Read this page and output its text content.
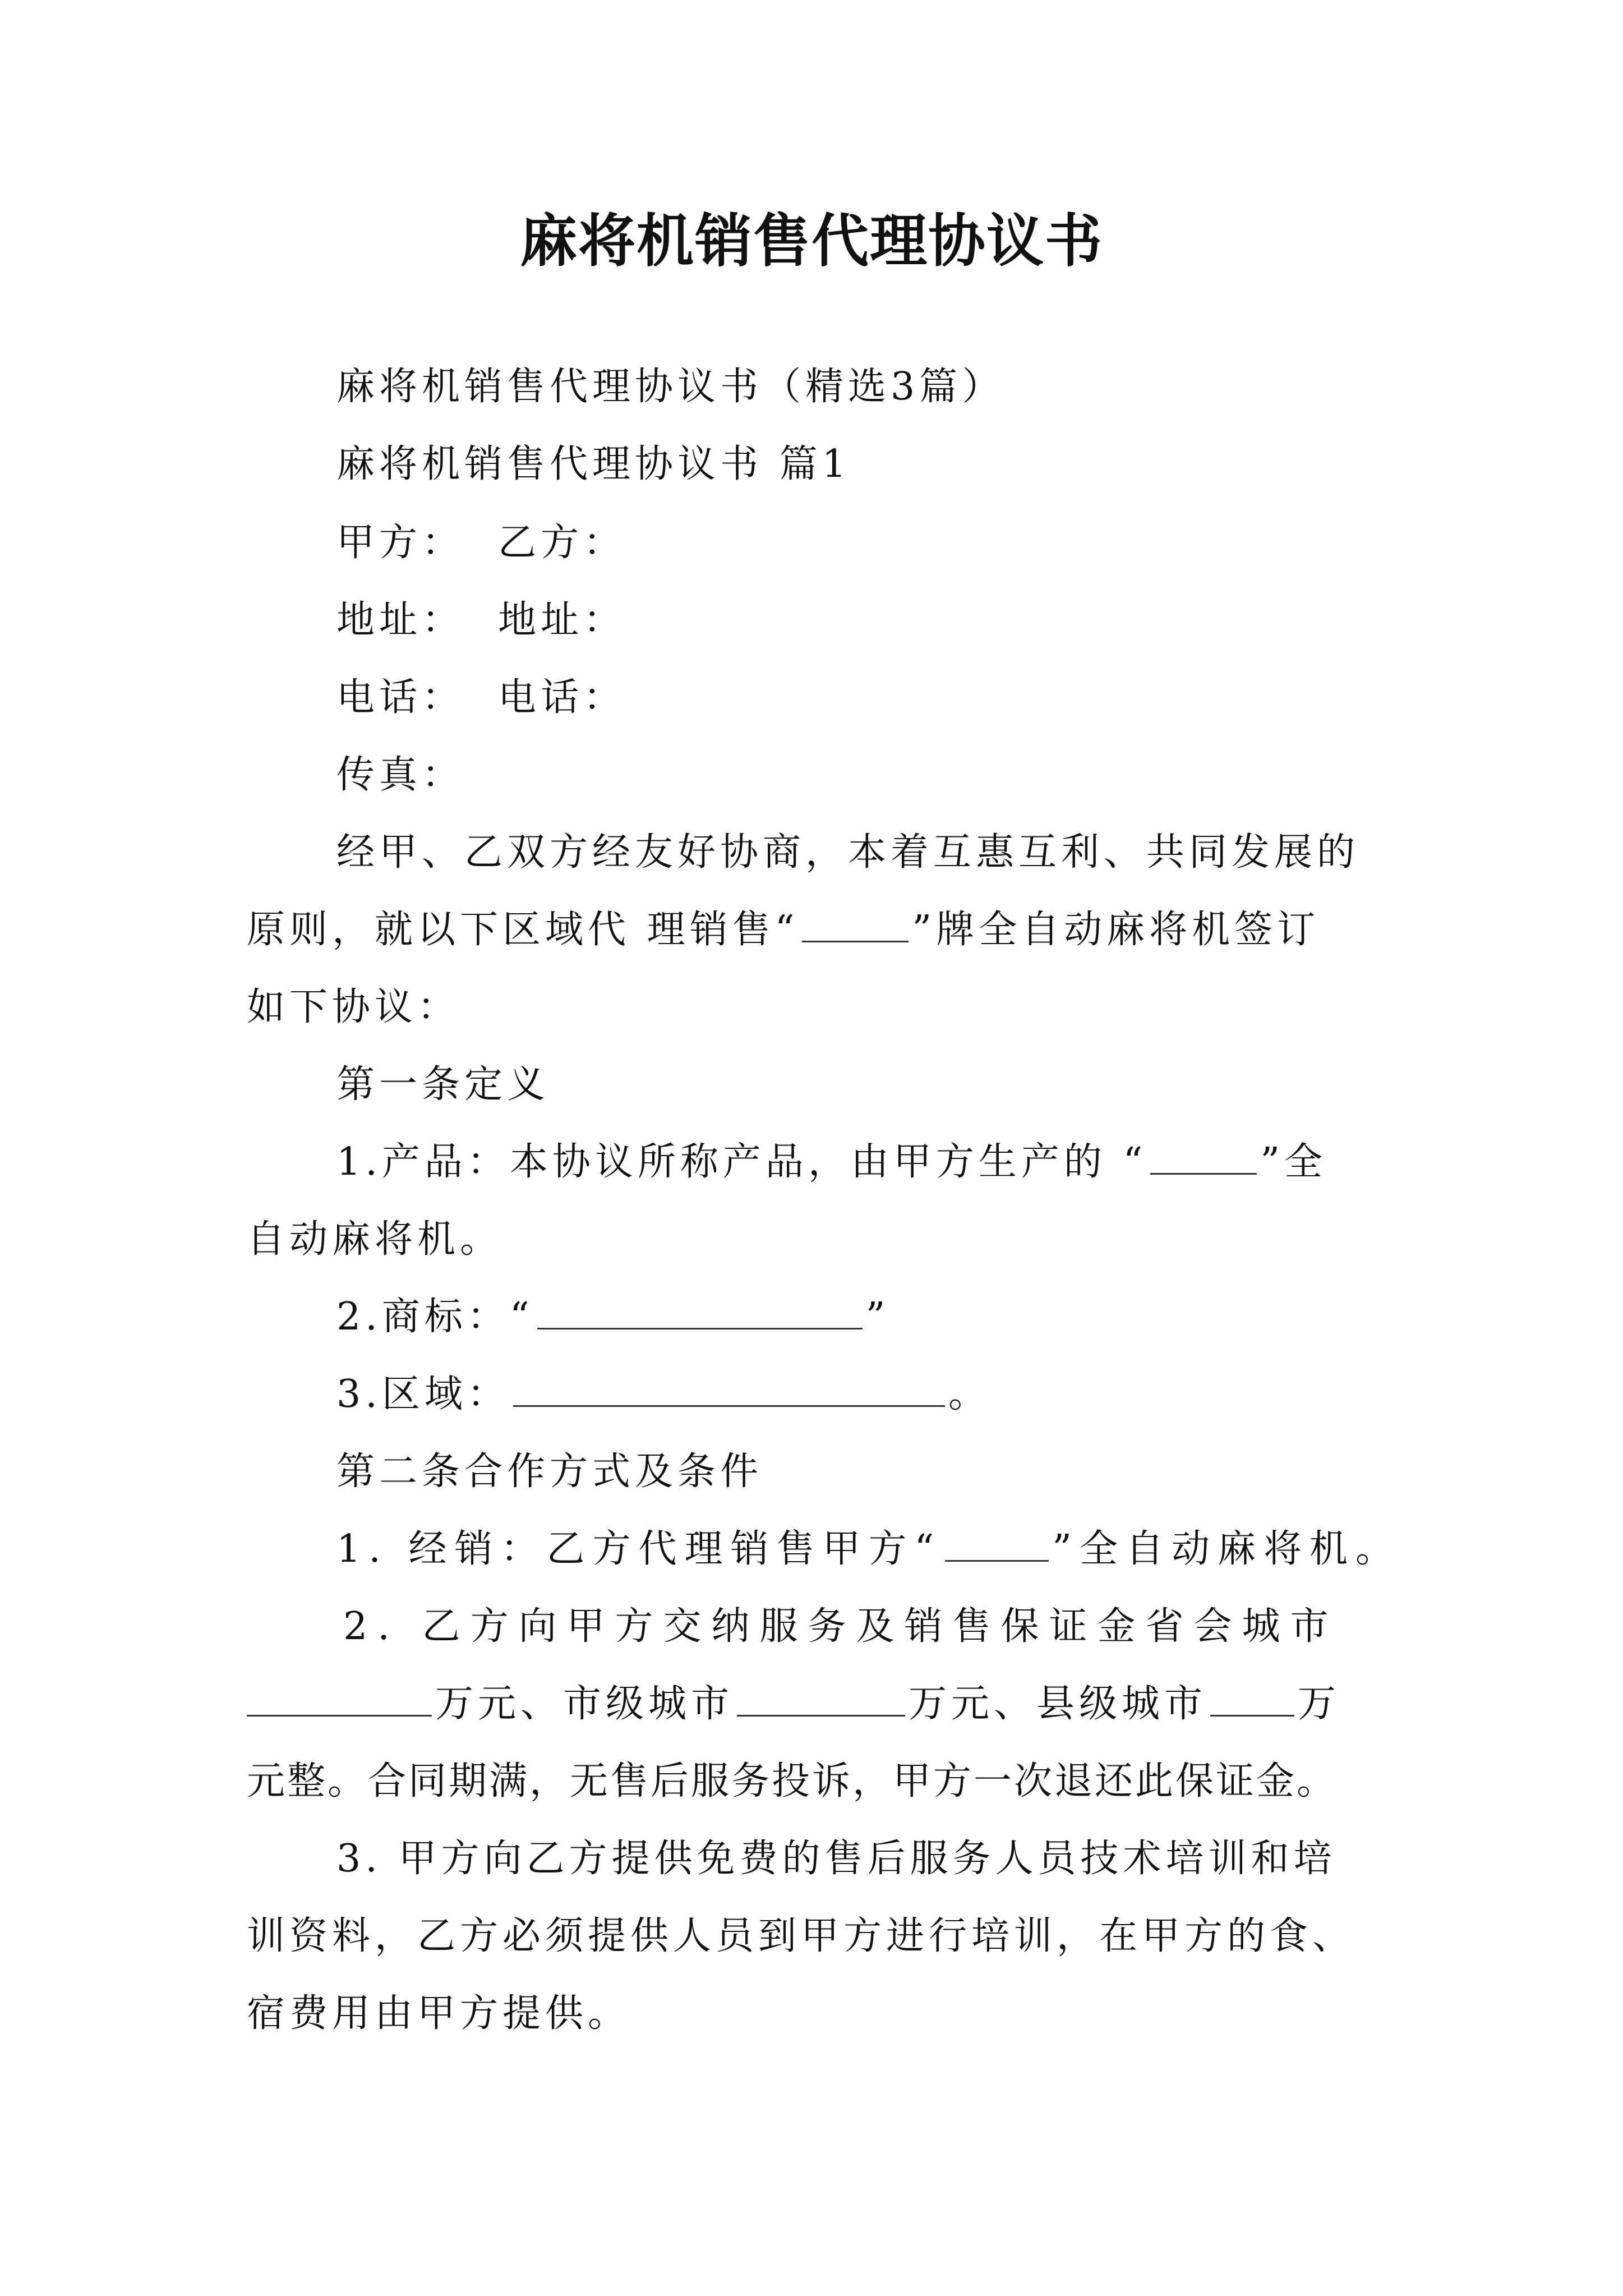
麻将机销售代理协议书
麻将机销售代理协议书（精选3篇）
麻将机销售代理协议书 篇1
甲方： 乙方：
地址： 地址：
电话： 电话：
传真：
经甲、乙双方经友好协商，本着互惠互利、共同发展的
原则，就以下区域代 理销售“	”牌全自动麻将机签订
如下协议：
第一条定义
1.产品：本协议所称产品，由甲方生产的 “	”全
自动麻将机。
2.商标：“	”
3.区域：	。
第二条合作方式及条件
1. 经销：乙方代理销售甲方“	”全自动麻将机。
2. 乙方向甲方交纳服务及销售保证金省会城市
万元、市级城市	万元、县级城市 万
元整。合同期满，无售后服务投诉，甲方一次退还此保证金。
3. 甲方向乙方提供免费的售后服务人员技术培训和培
训资料，乙方必须提供人员到甲方进行培训，在甲方的食、
宿费用由甲方提供。
